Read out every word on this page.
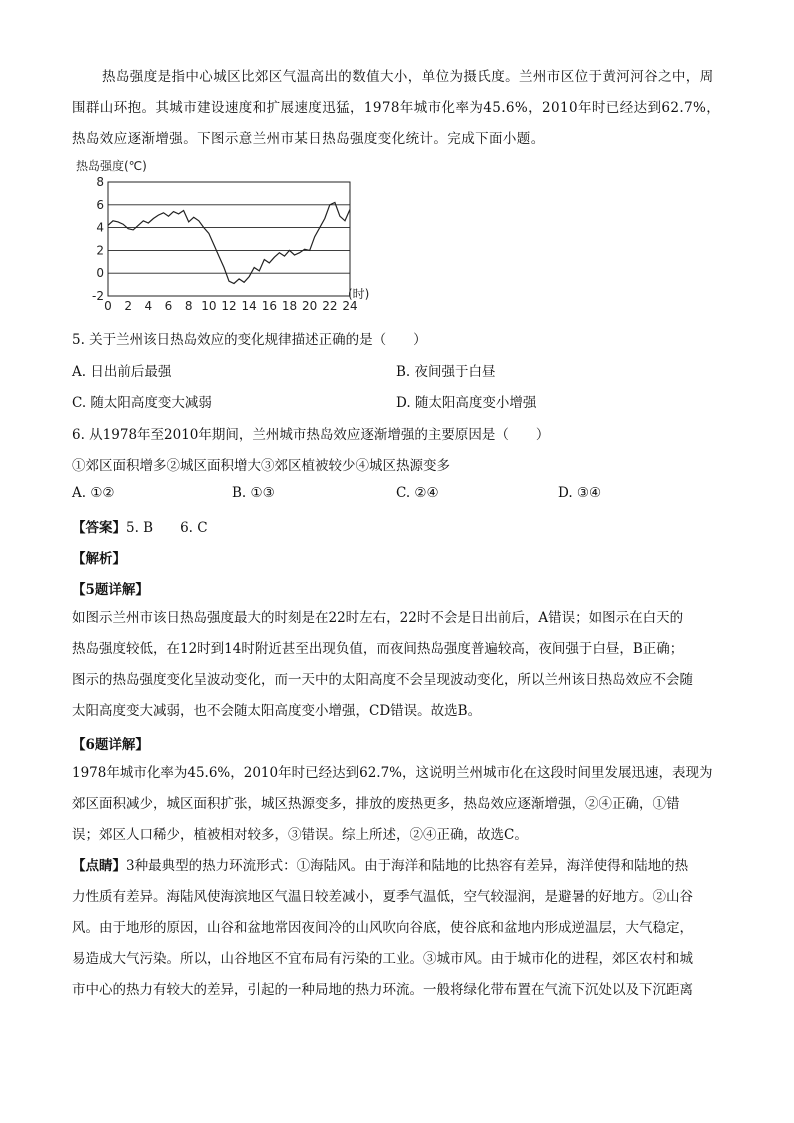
热岛强度是指中心城区比郊区气温高出的数值大小，单位为摄氏度。兰州市区位于黄河河谷之中，周围群山环抱。其城市建设速度和扩展速度迅猛，1978年城市化率为45.6%，2010年时已经达到62.7%，热岛效应逐渐增强。下图示意兰州市某日热岛强度变化统计。完成下面小题。

8
6
4
2
0
-2
0 2 4 6 8 10 12 14 16 18 20 22 24
热岛强度(℃)
(时)
5. 关于兰州该日热岛效应的变化规律描述正确的是（　　）
A. 日出前后最强	B. 夜间强于白昼
C. 随太阳高度变大减弱	D. 随太阳高度变小增强
6. 从1978年至2010年期间，兰州城市热岛效应逐渐增强的主要原因是（　　）
①郊区面积增多②城区面积增大③郊区植被较少④城区热源变多
A. ①②	B. ①③	C. ②④	D. ③④
【答案】5. B　　6. C
【解析】
【5题详解】

如图示兰州市该日热岛强度最大的时刻是在22时左右，22时不会是日出前后，A错误；如图示在白天的

热岛强度较低，在12时到14时附近甚至出现负值，而夜间热岛强度普遍较高，夜间强于白昼，B正确；

图示的热岛强度变化呈波动变化，而一天中的太阳高度不会呈现波动变化，所以兰州该日热岛效应不会随

太阳高度变大减弱，也不会随太阳高度变小增强，CD错误。故选B。

【6题详解】

1978年城市化率为45.6%，2010年时已经达到62.7%，这说明兰州城市化在这段时间里发展迅速，表现为

郊区面积减少，城区面积扩张，城区热源变多，排放的废热更多，热岛效应逐渐增强，②④正确，①错

误；郊区人口稀少，植被相对较多，③错误。综上所述，②④正确，故选C。

【点睛】3种最典型的热力环流形式：①海陆风。由于海洋和陆地的比热容有差异，海洋使得和陆地的热

力性质有差异。海陆风使海滨地区气温日较差减小，夏季气温低，空气较湿润，是避暑的好地方。②山谷

风。由于地形的原因，山谷和盆地常因夜间冷的山风吹向谷底，使谷底和盆地内形成逆温层，大气稳定，

易造成大气污染。所以，山谷地区不宜布局有污染的工业。③城市风。由于城市化的进程，郊区农村和城

市中心的热力有较大的差异，引起的一种局地的热力环流。一般将绿化带布置在气流下沉处以及下沉距离
